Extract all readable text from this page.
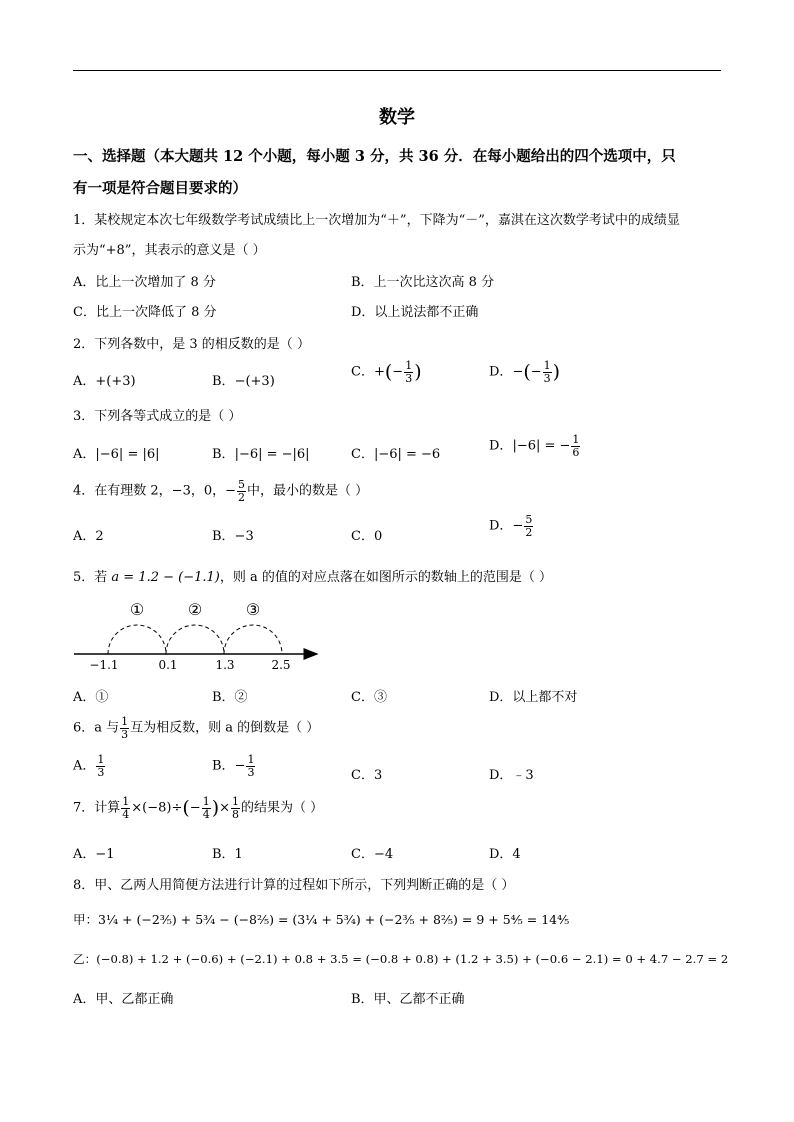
数学
一、选择题（本大题共 12 个小题，每小题 3 分，共 36 分．在每小题给出的四个选项中，只
有一项是符合题目要求的）
1．某校规定本次七年级数学考试成绩比上一次增加为“＋”，下降为“－”，嘉淇在这次数学考试中的成绩显
示为“+8”，其表示的意义是（ ）
A．比上一次增加了 8 分	B．上一次比这次高 8 分
C．比上一次降低了 8 分	D．以上说法都不正确
2．下列各数中，是 3 的相反数的是（ ）
A．+(+3)	B．−(+3)
C．+(− $\frac{1}{3}$ )	D．−(− $\frac{1}{3}$ )
3．下列各等式成立的是（ ）
A．|−6| = |6|	B．|−6| = −|6|	C．|−6| = −6
D．|−6| = − $\frac{1}{6}$
4．在有理数 2，−3，0，− $\frac{5}{2}$ 中，最小的数是（ ）
A．2	B．−3	C．0
D．− $\frac{5}{2}$
5．若 a = 1.2 − (−1.1)，则 a 的值的对应点落在如图所示的数轴上的范围是（ ）
①	②	③
−1.1	0.1	1.3	2.5
A．①	B．②	C．③	D．以上都不对
6．a 与 $\frac{1}{3}$ 互为相反数，则 a 的倒数是（ ）
A． $\frac{1}{3}$	B．− $\frac{1}{3}$	C．3	D．﹣3
7．计算 $\frac{1}{4} \times(-8)\div(- \frac{1}{4}$ )× $\frac{1}{8}$ 的结果为（ ）
A．−1	B．1	C．−4	D．4
8．甲、乙两人用简便方法进行计算的过程如下所示，下列判断正确的是（ ）
甲：3¼ + (−2⅗) + 5¾ − (−8⅖) = (3¼ + 5¾) + (−2⅗ + 8⅖) = 9 + 5⅘ = 14⅘
乙：(−0.8) + 1.2 + (−0.6) + (−2.1) + 0.8 + 3.5 = (−0.8 + 0.8) + (1.2 + 3.5) + (−0.6 − 2.1) = 0 + 4.7 − 2.7 = 2
A．甲、乙都正确	B．甲、乙都不正确
